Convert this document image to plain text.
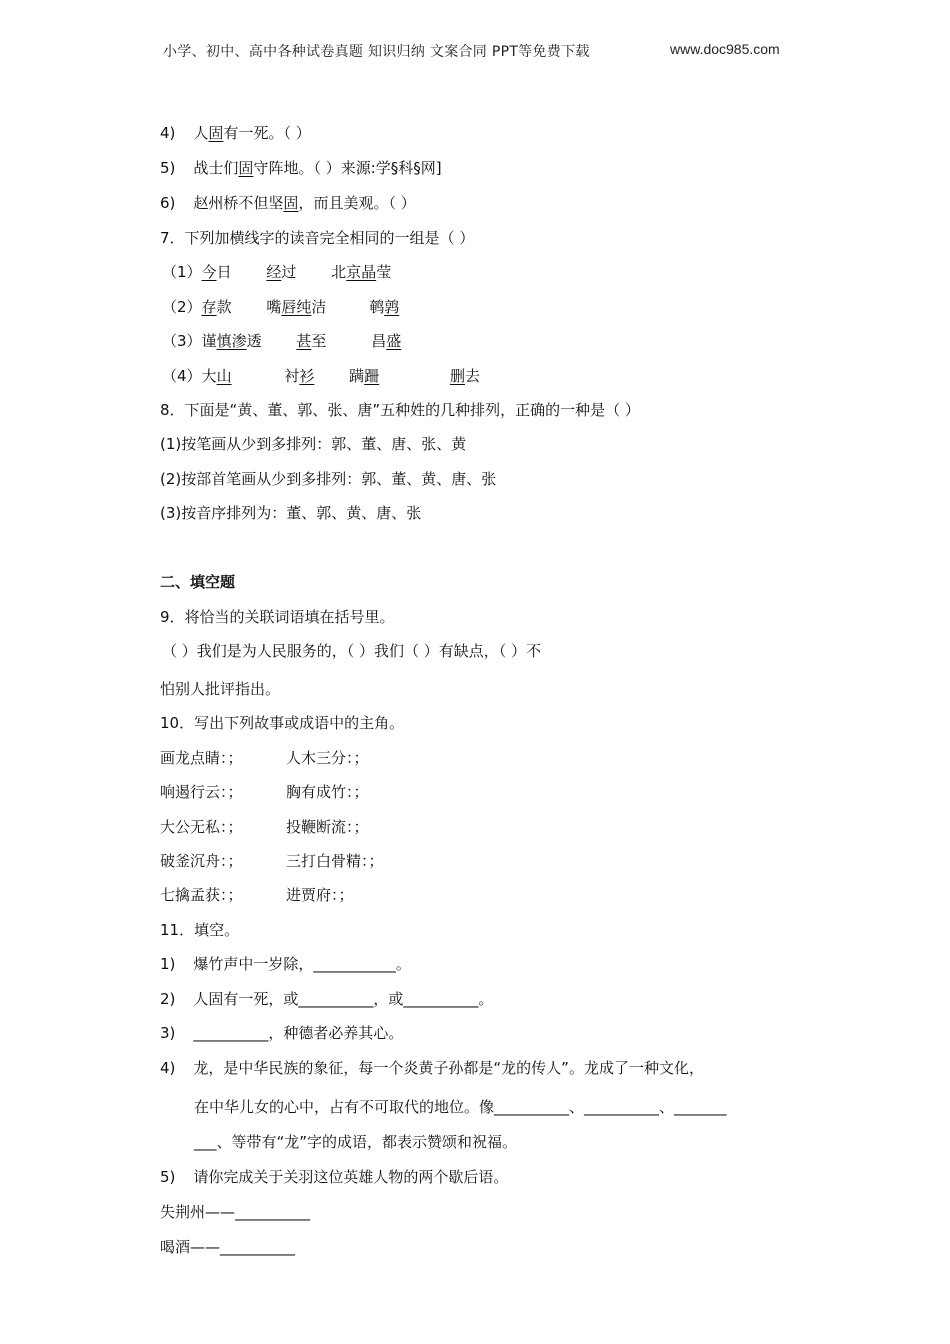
小学、初中、高中各种试卷真题 知识归纳 文案合同 PPT等免费下载	www.doc985.com
4) 人固有一死。（ ）
5) 战士们固守阵地。（ ）来源:学§科§网]
6) 赵州桥不但坚固，而且美观。（ ）
7．下列加横线字的读音完全相同的一组是（ ）
（1）今日 经过 北京晶莹
（2）存款 嘴唇纯洁	鹌鹑
（3）谨慎渗透 甚至	昌盛
（4）大山	衬衫 蹒跚	删去
8．下面是“黄、董、郭、张、唐”五种姓的几种排列，正确的一种是（ ）
(1)按笔画从少到多排列：郭、董、唐、张、黄
(2)按部首笔画从少到多排列：郭、董、黄、唐、张
(3)按音序排列为：董、郭、黄、唐、张
二、填空题
9．将恰当的关联词语填在括号里。
（ ）我们是为人民服务的，（ ）我们（ ）有缺点，（ ）不
怕别人批评指出。
10．写出下列故事或成语中的主角。
画龙点睛：；	人木三分：；
响遏行云：；	胸有成竹：；
大公无私：；	投鞭断流：；
破釜沉舟：；	三打白骨精：；
七擒孟获：；	进贾府：；
11．填空。
1) 爆竹声中一岁除，___________。
2) 人固有一死，或__________，或__________。
3) __________，种德者必养其心。
4) 龙，是中华民族的象征，每一个炎黄子孙都是“龙的传人”。龙成了一种文化，
在中华儿女的心中，占有不可取代的地位。像__________、__________、_______
___、等带有“龙”字的成语，都表示赞颂和祝福。
5) 请你完成关于关羽这位英雄人物的两个歇后语。
失荆州——__________
喝酒——__________
